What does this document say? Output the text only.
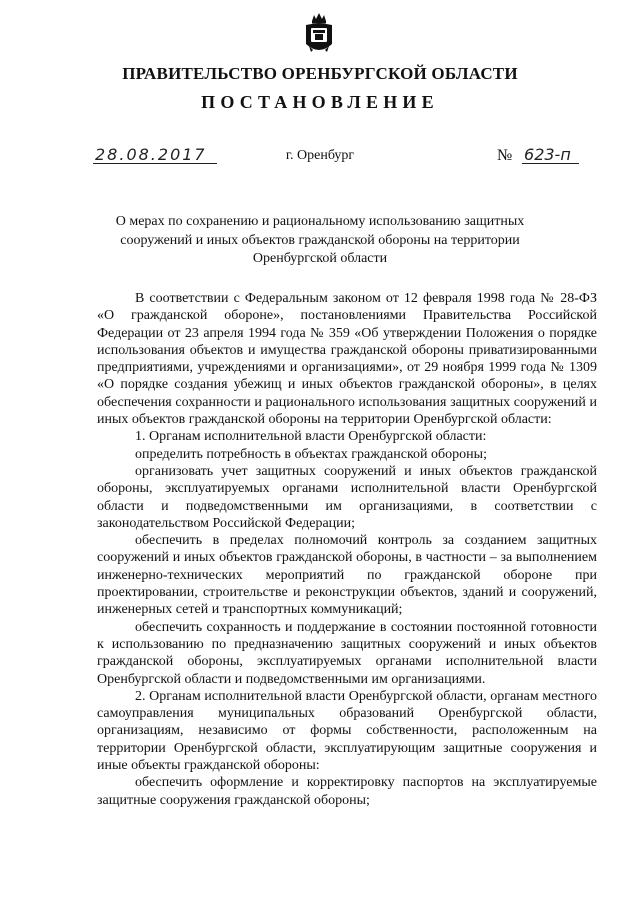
ПРАВИТЕЛЬСТВО ОРЕНБУРГСКОЙ ОБЛАСТИ
ПОСТАНОВЛЕНИЕ
28.08.2017	г. Оренбург	№ 623-п
О мерах по сохранению и рациональному использованию защитных сооружений и иных объектов гражданской обороны на территории Оренбургской области

В соответствии с Федеральным законом от 12 февраля 1998 года № 28-ФЗ «О гражданской обороне», постановлениями Правительства Российской Федерации от 23 апреля 1994 года № 359 «Об утверждении Положения о порядке использования объектов и имущества гражданской обороны приватизированными предприятиями, учреждениями и организациями», от 29 ноября 1999 года № 1309 «О порядке создания убежищ и иных объектов гражданской обороны», в целях обеспечения сохранности и рационального использования защитных сооружений и иных объектов гражданской обороны на территории Оренбургской области:

1. Органам исполнительной власти Оренбургской области:

определить потребность в объектах гражданской обороны;

организовать учет защитных сооружений и иных объектов гражданской обороны, эксплуатируемых органами исполнительной власти Оренбургской области и подведомственными им организациями, в соответствии с законодательством Российской Федерации;

обеспечить в пределах полномочий контроль за созданием защитных сооружений и иных объектов гражданской обороны, в частности – за выполнением инженерно-технических мероприятий по гражданской обороне при проектировании, строительстве и реконструкции объектов, зданий и сооружений, инженерных сетей и транспортных коммуникаций;

обеспечить сохранность и поддержание в состоянии постоянной готовности к использованию по предназначению защитных сооружений и иных объектов гражданской обороны, эксплуатируемых органами исполнительной власти Оренбургской области и подведомственными им организациями.

2. Органам исполнительной власти Оренбургской области, органам местного самоуправления муниципальных образований Оренбургской области, организациям, независимо от формы собственности, расположенным на территории Оренбургской области, эксплуатирующим защитные сооружения и иные объекты гражданской обороны:

обеспечить оформление и корректировку паспортов на эксплуатируемые защитные сооружения гражданской обороны;
